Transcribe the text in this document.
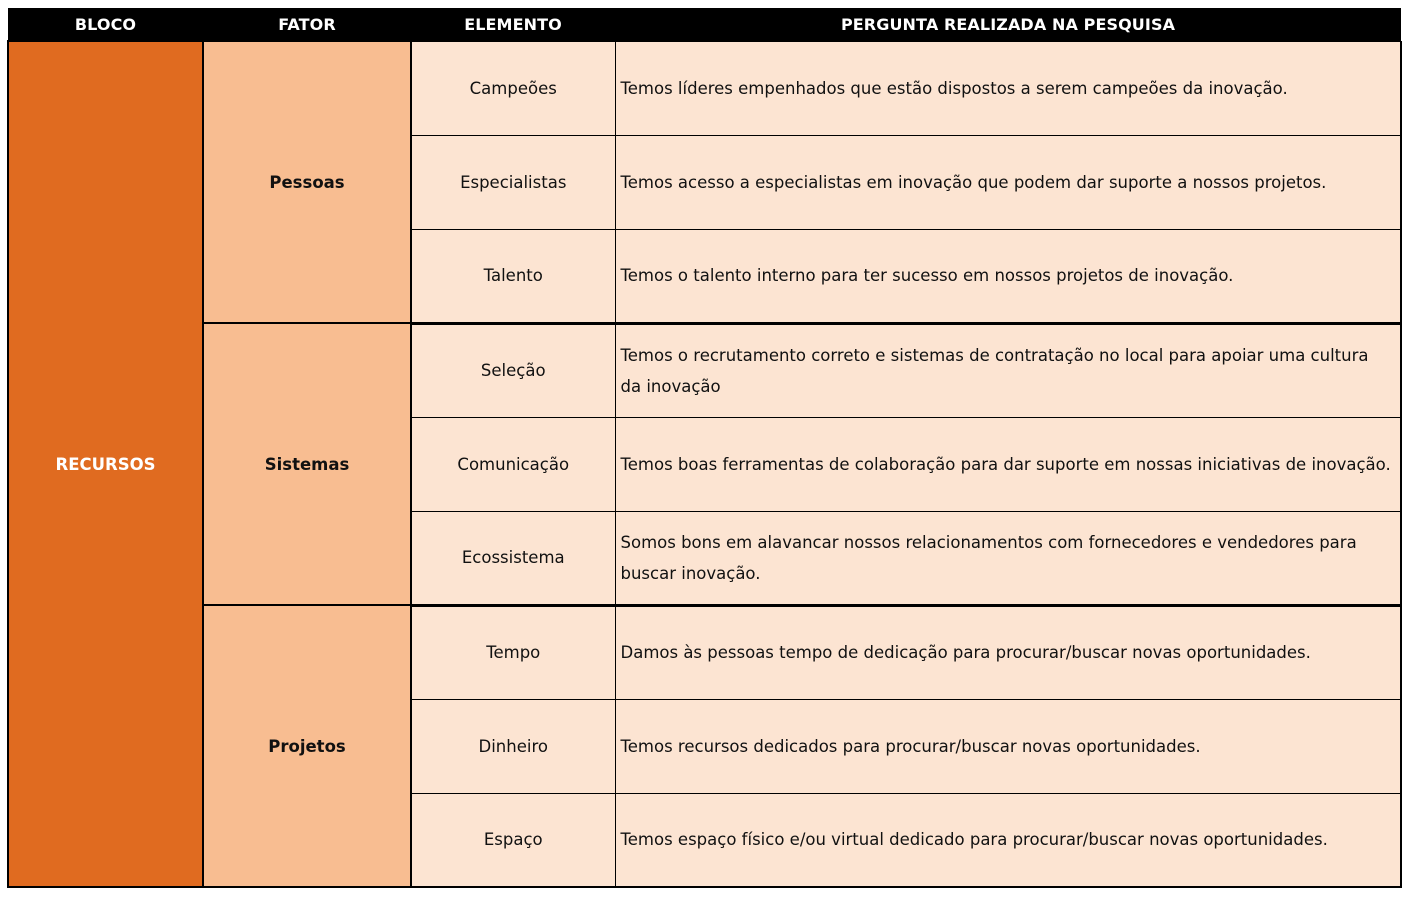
BLOCO	FATOR	ELEMENTO	PERGUNTA REALIZADA NA PESQUISA
RECURSOS	Pessoas	Campeões	Temos líderes empenhados que estão dispostos a serem campeões da inovação.
		Especialistas	Temos acesso a especialistas em inovação que podem dar suporte a nossos projetos.
		Talento	Temos o talento interno para ter sucesso em nossos projetos de inovação.
	Sistemas	Seleção	Temos o recrutamento correto e sistemas de contratação no local para apoiar uma cultura da inovação
		Comunicação	Temos boas ferramentas de colaboração para dar suporte em nossas iniciativas de inovação.
		Ecossistema	Somos bons em alavancar nossos relacionamentos com fornecedores e vendedores para buscar inovação.
	Projetos	Tempo	Damos às pessoas tempo de dedicação para procurar/buscar novas oportunidades.
		Dinheiro	Temos recursos dedicados para procurar/buscar novas oportunidades.
		Espaço	Temos espaço físico e/ou virtual dedicado para procurar/buscar novas oportunidades.
